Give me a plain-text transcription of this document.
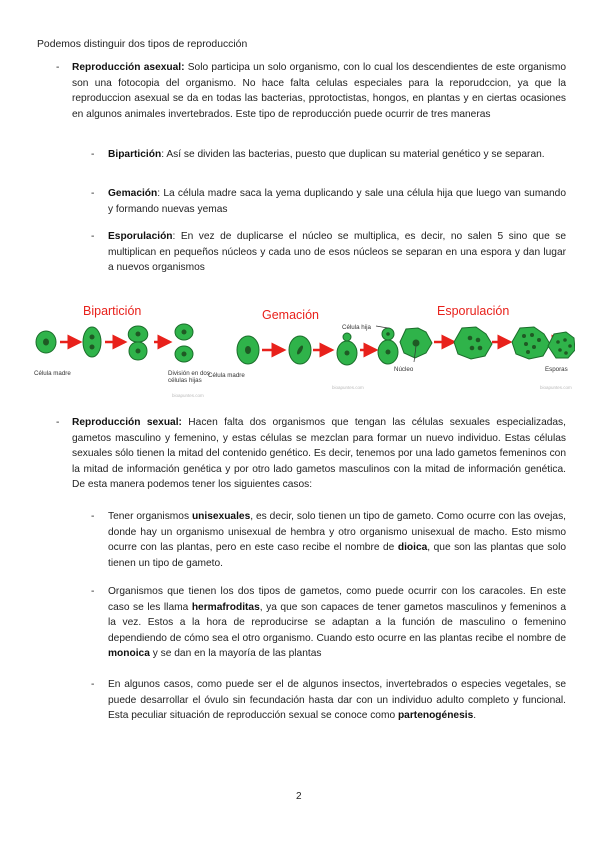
Podemos distinguir dos tipos de reproducción
- Reproducción asexual: Solo participa un solo organismo, con lo cual los descendientes de este organismo son una fotocopia del organismo. No hace falta celulas especiales para la reporudccion, ya que la reproduccion asexual se da en todas las bacterias, pprotoctistas, hongos, en plantas y en ciertas ocasiones en algunos animales invertebrados. Este tipo de reproducción puede ocurrir de tres maneras
- Bipartición: Así se dividen las bacterias, puesto que duplican su material genético y se separan.
- Gemación: La célula madre saca la yema duplicando y sale una célula hija que luego van sumando y formando nuevas yemas
- Esporulación: En vez de duplicarse el núcleo se multiplica, es decir, no salen 5 sino que se multiplican en pequeños núcleos y cada uno de esos núcleos se separan en una espora y dan lugar a nuevos organismos
Bipartición	Gemación	Esporulación
Célula madre	División en dos células hijas
Célula madre
Célula hija
Núcleo	Esporas
bioapuntes.com
bioapuntes.com	bioapuntes.com
- Reproducción sexual: Hacen falta dos organismos que tengan las células sexuales especializadas, gametos masculino y femenino, y estas células se mezclan para formar un nuevo individuo. Estas células sexuales sólo tienen la mitad del contenido genético. Es decir, tenemos por una lado gametos femeninos con la mitad de información genética y por otro lado gametos masculinos con la mitad de información genética. De esta manera podemos tener los siguientes casos:
- Tener organismos unisexuales, es decir, solo tienen un tipo de gameto. Como ocurre con las ovejas, donde hay un organismo unisexual de hembra y otro organismo unisexual de macho. Esto mismo ocurre con las plantas, pero en este caso recibe el nombre de dioica, que son las plantas que solo tienen un tipo de gameto.
- Organismos que tienen los dos tipos de gametos, como puede ocurrir con los caracoles. En este caso se les llama hermafroditas, ya que son capaces de tener gametos masculinos y femeninos a la vez. Estos a la hora de reproducirse se adaptan a la función de masculino o femenino dependiendo de cómo sea el otro organismo. Cuando esto ocurre en las plantas recibe el nombre de monoica y se dan en la mayoría de las plantas
- En algunos casos, como puede ser el de algunos insectos, invertebrados o especies vegetales, se puede desarrollar el óvulo sin fecundación hasta dar con un individuo adulto completo y funcional. Esta peculiar situación de reproducción sexual se conoce como partenogénesis.
2
